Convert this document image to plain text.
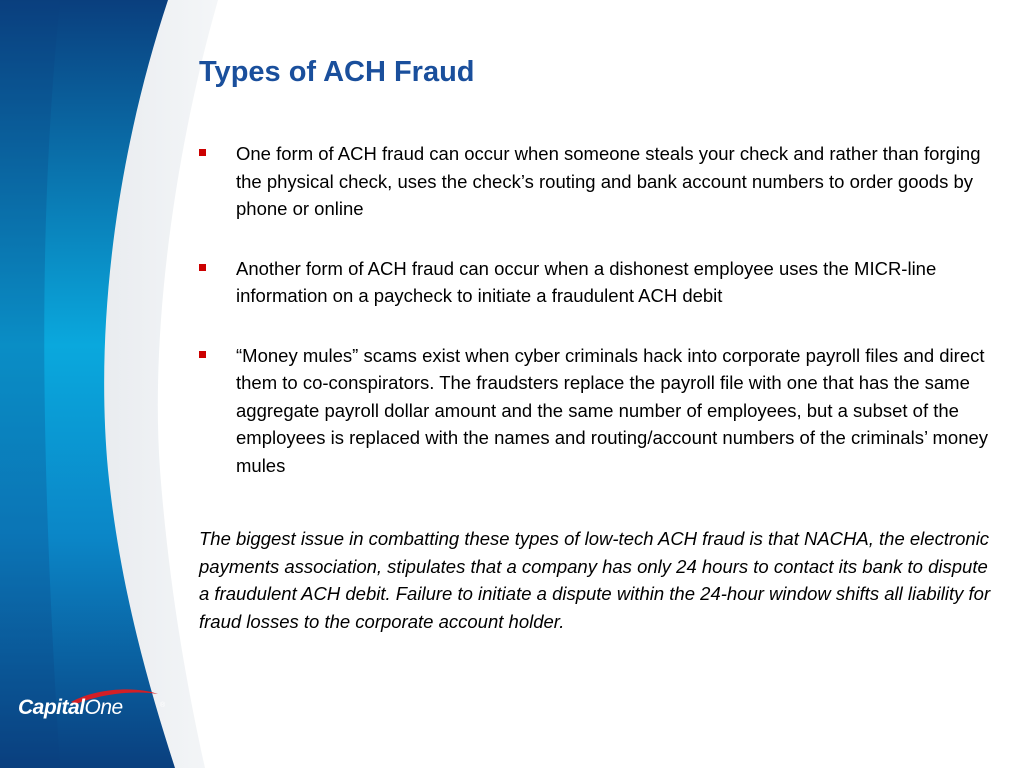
CapitalOne	®
Types of ACH Fraud
One form of ACH fraud can occur when someone steals your check and rather than forging the physical check, uses the check’s routing and bank account numbers to order goods by phone or online
Another form of ACH fraud can occur when a dishonest employee uses the MICR-line information on a paycheck to initiate a fraudulent ACH debit
“Money mules” scams exist when cyber criminals hack into corporate payroll files and direct them to co-conspirators. The fraudsters replace the payroll file with one that has the same aggregate payroll dollar amount and the same number of employees, but a subset of the employees is replaced with the names and routing/account numbers of the criminals’ money mules

The biggest issue in combatting these types of low-tech ACH fraud is that NACHA, the electronic payments association, stipulates that a company has only 24 hours to contact its bank to dispute a fraudulent ACH debit. Failure to initiate a dispute within the 24-hour window shifts all liability for fraud losses to the corporate account holder.
